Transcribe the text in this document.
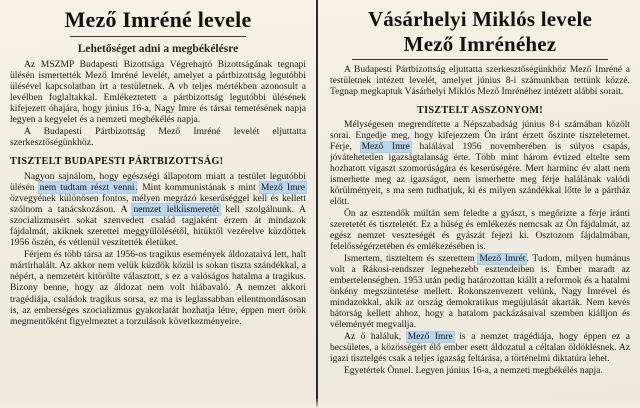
Mező Imréné levele
Lehetőséget adni a megbékélésre

Az MSZMP Budapesti Bizottsága Végrehajtó Bizottságának tegnapi ülésén ismertették Mező Imréné levelét, amelyet a pártbizottság legutóbbi ülésével kapcsolatban írt a testületnek. A vb teljes mértékben azonosult a levélben foglaltakkal. Emlékeztetett a pártbizottság legutóbbi ülésének kifejezett óhajára, hogy június 16-a, Nagy Imre és társai temetésének napja legyen a kegyelet és a nemzeti megbékélés napja.

A Budapesti Pártbizottság Mező Imréné levelét eljuttatta szerkesztőségünkhöz.

TISZTELT BUDAPESTI PÁRTBIZOTTSÁG!

Nagyon sajnálom, hogy egészségi állapotom miatt a testület legutóbbi ülésén nem tudtam részt venni. Mint kommunistának s mint Mező Imre özvegyének különösen fontos, mélyen megrázó keserűséggel kell és kellett szólnom a tanácskozáson. A nemzet lelkiismeretét kell szolgálnunk. A szocializmusért sokat szenvedett család tagjaként érzem át mindazok fájdalmát, akiknek szerettei meggyűlölésétől, hitüktől vezérelve küzdöttek 1956 őszén, és vétlenül veszítették életüket.

Férjem és több társa az 1956-os tragikus események áldozataivá lett, halt mártírhalált. Az akkor nem velük küzdők közül is sokan tiszta szándékkal, a népért, a nemzetért kitörölte választott, s ez a valóságos hatalma a tragikus. Bizony benne, hogy az áldozat nem volt hiábavaló. A nemzet akkori tragédiája, családok tragikus sorsa, ez ma is leglassabban ellentmondásosan is, az emberséges szocializmus gyakorlatát hozhatja létre, éppen mert örök megmentőként figyelmeztet a torzulások következményeire.

Vásárhelyi Miklós levele
Mező Imrénéhez

A Budapesti Pártbizottság eljuttatta szerkesztőségünkhöz Mező Imréné a testületnek intézett levelét, amelyet június 8-i számunkban tettünk közzé. Tegnap megkaptuk Vásárhelyi Miklós Mező Imrénéhez intézett alábbi sorait.

TISZTELT ASSZONYOM!

Mélységesen megrendítette a Népszabadság június 8-i számában közölt sorai. Engedje meg, hogy kifejezzem Ön iránt érzett őszinte tiszteletemet. Férje, Mező Imre halálával 1956 novemberében is súlyos csapás, jóvátehetetlen igazságtalanság érte. Több mint három évtized eltelte sem hozhatott vigaszt szomorúságára és keserűségére. Mert harminc év alatt nem ismerhette meg az igazságot, nem ismerhette meg férje halálának valódi körülményeit, s ma sem tudhatjuk, ki és milyen szándékkal lőtte le a pártház előtt.

Ön az esztendők múltán sem feledte a gyászt, s megőrizte a férje iránti szeretetét és tiszteletét. Ez a hűség és emlékezés nemcsak az Ön fájdalmát, az egész nemzet veszteségét és gyászát fejezi ki. Osztozom fájdalmában, felelősségérzetében és emlékezésében is.

Ismertem, tiszteltem és szerettem Mező Imrét. Tudom, milyen humánus volt a Rákosi-rendszer legnehezebb esztendeiben is. Ember maradt az embertelenségben. 1953 után pedig határozottan kiállt a reformok és a hatalmi önkény megszüntetése mellett. Rokonszenvezett velünk, Nagy Imrével és mindazokkal, akik az ország demokratikus megújulását akarták. Nem kevés bátorság kellett ahhoz, hogy a hatalom packázásaival szemben kiálljon és véleményét megvallja.

Az ő haláluk, Mező Imre is a nemzet tragédiája, hogy éppen ez a becsületes, a közösségért élő ember esett áldozatul a céltalan öldöklésnek. Az igazi tisztelgés csak a teljes igazság feltárása, a történelmi diktatúra lehet.

Egyetértek Önnel. Legyen június 16-a, a nemzeti megbékélés napja.
